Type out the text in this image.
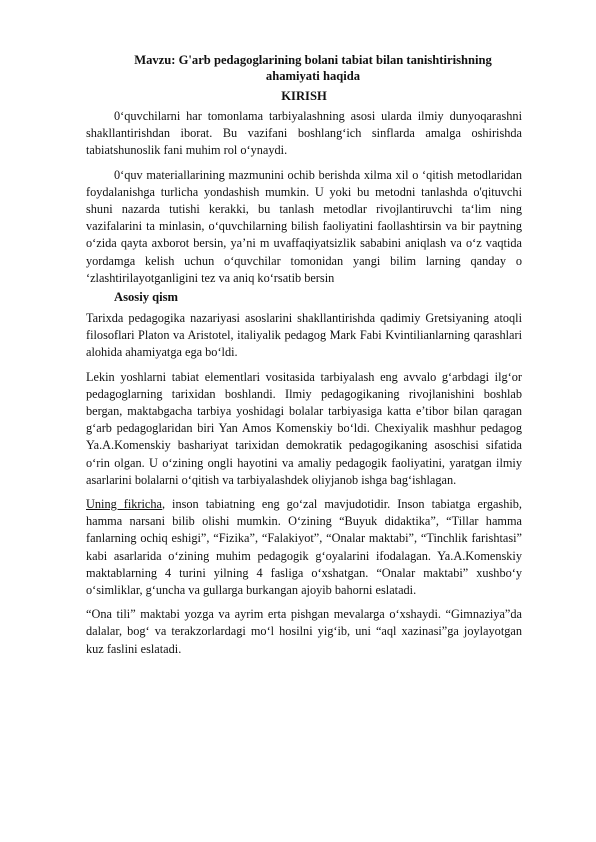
Mavzu: G'arb pedagoglarining bolani tabiat bilan tanishtirishning
ahamiyati haqida
KIRISH

0‘quvchilarni har tomonlama tarbiyalashning asosi ularda ilmiy dunyoqarashni shakllantirishdan iborat. Bu vazifani boshlang‘ich sinflarda amalga oshirishda tabiatshunoslik fani muhim rol o‘ynaydi.

0‘quv materiallarining mazmunini ochib berishda xilma xil o ‘qitish metodlaridan foydalanishga turlicha yondashish mumkin. U yoki bu metodni tanlashda o'qituvchi shuni nazarda tutishi kerakki, bu tanlash metodlar rivojlantiruvchi ta‘lim ning vazifalarini ta minlasin, o‘quvchilarning bilish faoliyatini faollashtirsin va bir paytning o‘zida qayta axborot bersin, ya’ni m uvaffaqiyatsizlik sababini aniqlash va o‘z vaqtida yordamga kelish uchun o‘quvchilar tomonidan yangi bilim larning qanday o ‘zlashtirilayotganligini tez va aniq ko‘rsatib bersin

Asosiy qism

Tarixda pedagogika nazariyasi asoslarini shakllantirishda qadimiy Gretsiyaning atoqli filosoflari Platon va Aristotel, italiyalik pedagog Mark Fabi Kvintilianlarning qarashlari alohida ahamiyatga ega bo‘ldi.

Lekin yoshlarni tabiat elementlari vositasida tarbiyalash eng avvalo g‘arbdagi ilg‘or pedagoglarning tarixidan boshlandi. Ilmiy pedagogikaning rivojlanishini boshlab bergan, maktabgacha tarbiya yoshidagi bolalar tarbiyasiga katta e’tibor bilan qaragan g‘arb pedagoglaridan biri Yan Amos Komenskiy bo‘ldi. Chexiyalik mashhur pedagog Ya.A.Komenskiy bashariyat tarixidan demokratik pedagogikaning asoschisi sifatida o‘rin olgan. U o‘zining ongli hayotini va amaliy pedagogik faoliyatini, yaratgan ilmiy asarlarini bolalarni o‘qitish va tarbiyalashdek oliyjanob ishga bag‘ishlagan.

Uning fikricha, inson tabiatning eng go‘zal mavjudotidir. Inson tabiatga ergashib, hamma narsani bilib olishi mumkin. O‘zining “Buyuk didaktika”, “Tillar hamma fanlarning ochiq eshigi”, “Fizika”, “Falakiyot”, “Onalar maktabi”, “Tinchlik farishtasi” kabi asarlarida o‘zining muhim pedagogik g‘oyalarini ifodalagan. Ya.A.Komenskiy maktablarning 4 turini yilning 4 fasliga o‘xshatgan. “Onalar maktabi” xushbo‘y o‘simliklar, g‘uncha va gullarga burkangan ajoyib bahorni eslatadi.

“Ona tili” maktabi yozga va ayrim erta pishgan mevalarga o‘xshaydi. “Gimnaziya”da dalalar, bog‘ va terakzorlardagi mo‘l hosilni yig‘ib, uni “aql xazinasi”ga joylayotgan kuz faslini eslatadi.
